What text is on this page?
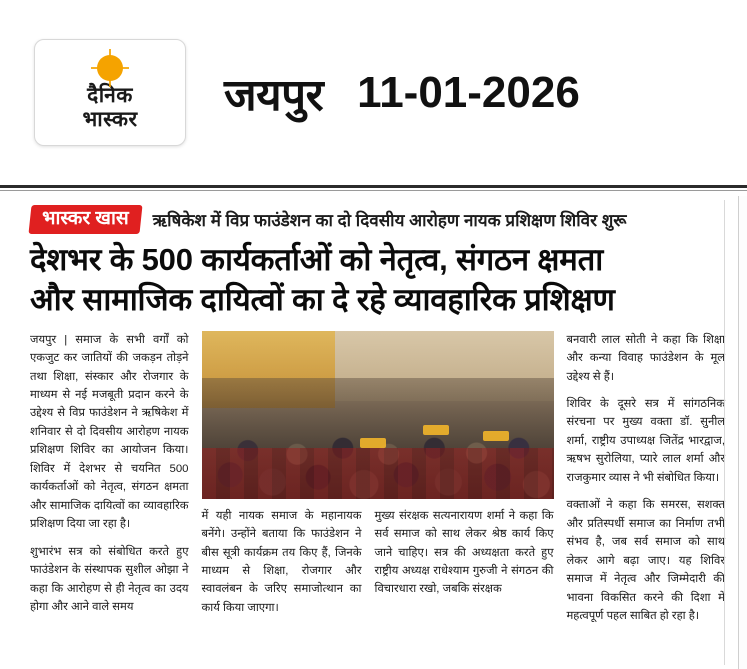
दैनिक
भास्कर जयपुर 11-01-2026
भास्कर खास	ऋषिकेश में विप्र फाउंडेशन का दो दिवसीय आरोहण नायक प्रशिक्षण शिविर शुरू
देशभर के 500 कार्यकर्ताओं को नेतृत्व, संगठन क्षमता
और सामाजिक दायित्वों का दे रहे व्यावहारिक प्रशिक्षण

जयपुर | समाज के सभी वर्गों को एकजुट कर जातियों की जकड़न तोड़ने तथा शिक्षा, संस्कार और रोजगार के माध्यम से नई मजबूती प्रदान करने के उद्देश्य से विप्र फाउंडेशन ने ऋषिकेश में शनिवार से दो दिवसीय आरोहण नायक प्रशिक्षण शिविर का आयोजन किया। शिविर में देशभर से चयनित 500 कार्यकर्ताओं को नेतृत्व, संगठन क्षमता और सामाजिक दायित्वों का व्यावहारिक प्रशिक्षण दिया जा रहा है।

शुभारंभ सत्र को संबोधित करते हुए फाउंडेशन के संस्थापक सुशील ओझा ने कहा कि आरोहण से ही नेतृत्व का उदय होगा और आने वाले समय

में यही नायक समाज के महानायक बनेंगे। उन्होंने बताया कि फाउंडेशन ने बीस सूत्री कार्यक्रम तय किए हैं, जिनके माध्यम से शिक्षा, रोजगार और स्वावलंबन के जरिए समाजोत्थान का कार्य किया जाएगा।

मुख्य संरक्षक सत्यनारायण शर्मा ने कहा कि सर्व समाज को साथ लेकर श्रेष्ठ कार्य किए जाने चाहिए। सत्र की अध्यक्षता करते हुए राष्ट्रीय अध्यक्ष राधेश्याम गुरुजी ने संगठन की विचारधारा रखो, जबकि संरक्षक

बनवारी लाल सोती ने कहा कि शिक्षा और कन्या विवाह फाउंडेशन के मूल उद्देश्य से हैं।

शिविर के दूसरे सत्र में सांगठनिक संरचना पर मुख्य वक्ता डॉ. सुनील शर्मा, राष्ट्रीय उपाध्यक्ष जितेंद्र भारद्वाज, ऋषभ सुरोलिया, प्यारे लाल शर्मा और राजकुमार व्यास ने भी संबोधित किया।

वक्ताओं ने कहा कि समरस, सशक्त और प्रतिस्पर्धी समाज का निर्माण तभी संभव है, जब सर्व समाज को साथ लेकर आगे बढ़ा जाए। यह शिविर समाज में नेतृत्व और जिम्मेदारी की भावना विकसित करने की दिशा में महत्वपूर्ण पहल साबित हो रहा है।
